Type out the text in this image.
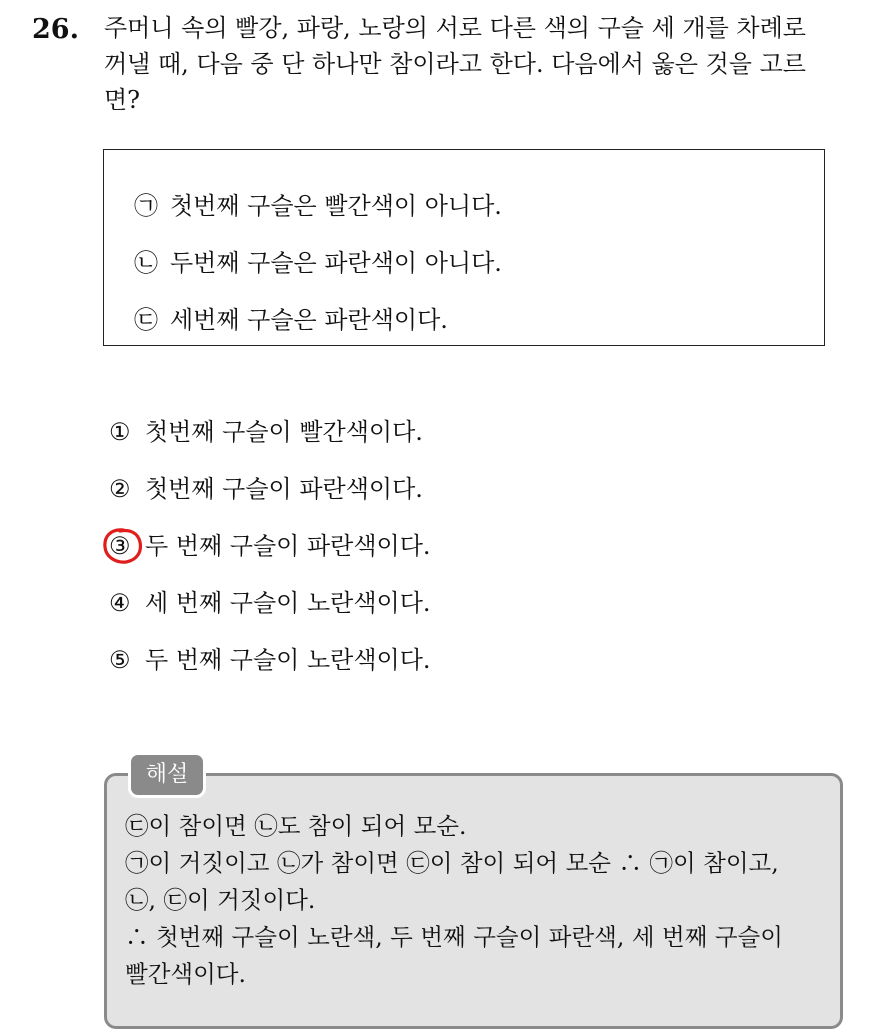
26. 주머니 속의 빨강, 파랑, 노랑의 서로 다른 색의 구슬 세 개를 차례로
꺼낼 때, 다음 중 단 하나만 참이라고 한다. 다음에서 옳은 것을 고르
면?
㉠ 첫번째 구슬은 빨간색이 아니다.
㉡ 두번째 구슬은 파란색이 아니다.
㉢ 세번째 구슬은 파란색이다.
① 첫번째 구슬이 빨간색이다.
② 첫번째 구슬이 파란색이다.
③ 두 번째 구슬이 파란색이다.
④ 세 번째 구슬이 노란색이다.
⑤ 두 번째 구슬이 노란색이다.
해설
㉢이 참이면 ㉡도 참이 되어 모순.
㉠이 거짓이고 ㉡가 참이면 ㉢이 참이 되어 모순 ∴ ㉠이 참이고,
㉡, ㉢이 거짓이다.
∴ 첫번째 구슬이 노란색, 두 번째 구슬이 파란색, 세 번째 구슬이
빨간색이다.
